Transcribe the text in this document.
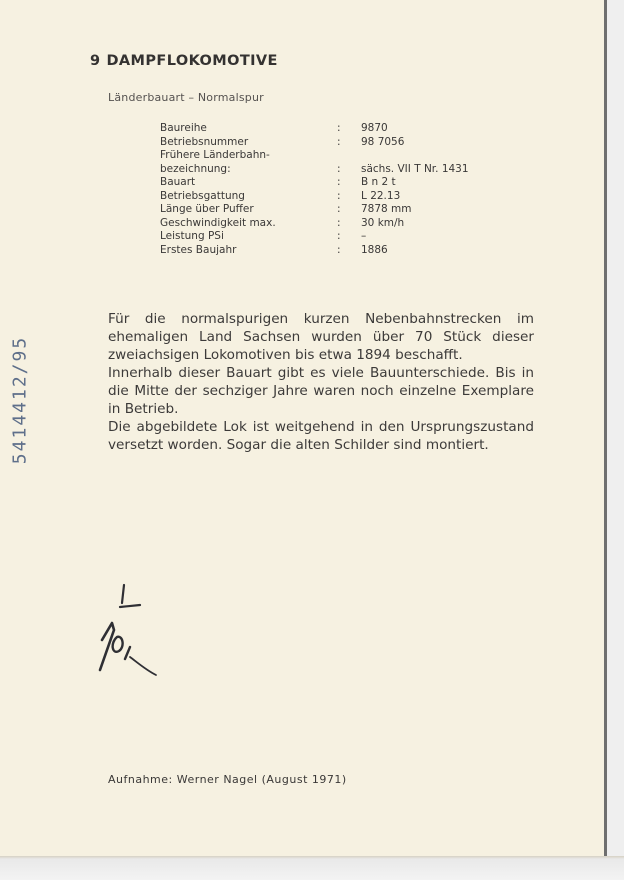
9 DAMPFLOKOMOTIVE
Länderbauart – Normalspur
Baureihe	: 9870
Betriebsnummer	: 98 7056
Frühere Länderbahn-
bezeichnung:	: sächs. VII T Nr. 1431
Bauart	: B n 2 t
Betriebsgattung	: L 22.13
Länge über Puffer	: 7878 mm
Geschwindigkeit max.	: 30 km/h
Leistung PSi	: –
Erstes Baujahr	: 1886

Für die normalspurigen kurzen Nebenbahnstrecken im ehemaligen Land Sachsen wurden über 70 Stück dieser zweiachsigen Lokomotiven bis etwa 1894 beschafft.

Innerhalb dieser Bauart gibt es viele Bauunterschiede. Bis in die Mitte der sechziger Jahre waren noch einzelne Exemplare in Betrieb.

Die abgebildete Lok ist weitgehend in den Ursprungszustand versetzt worden. Sogar die alten Schilder sind montiert.

5414412/95
Aufnahme: Werner Nagel (August 1971)
